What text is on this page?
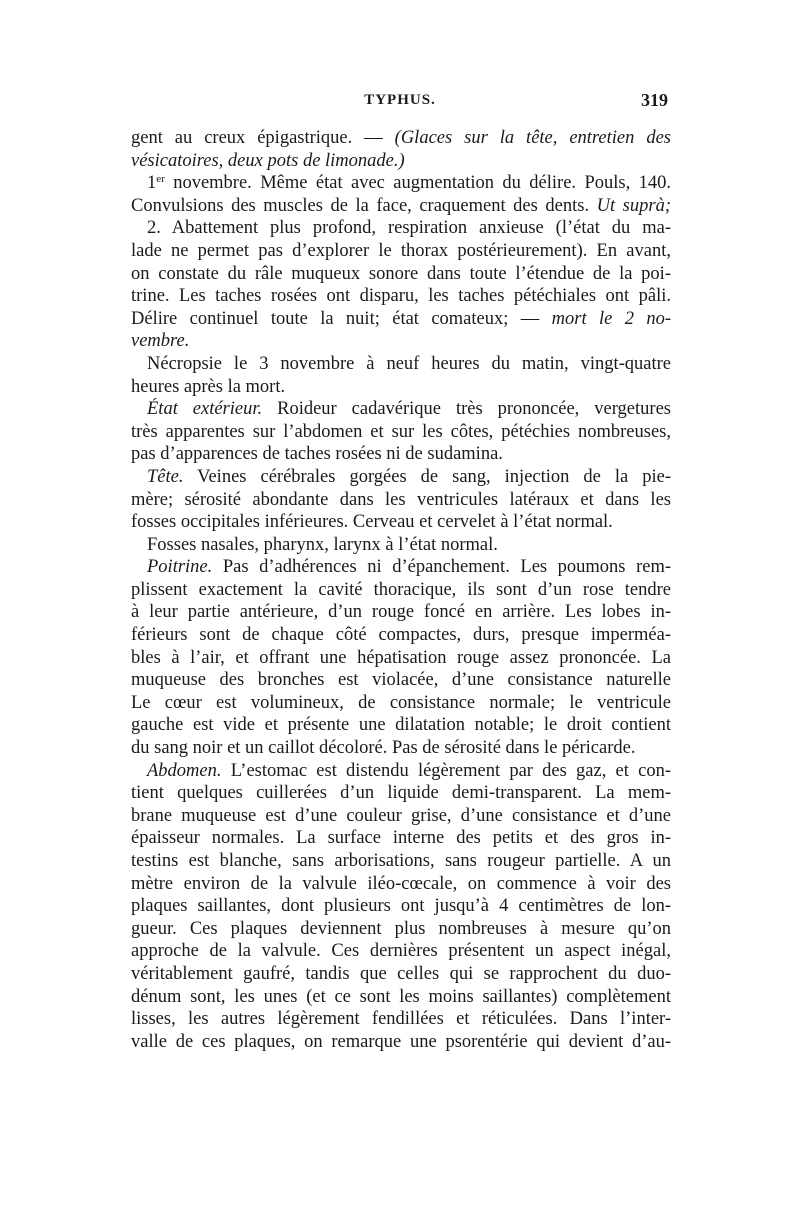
TYPHUS.	319
gent au creux épigastrique. — (Glaces sur la tête, entretien des
vésicatoires, deux pots de limonade.)
1er novembre. Même état avec augmentation du délire. Pouls, 140.
Convulsions des muscles de la face, craquement des dents. Ut suprà;
2. Abattement plus profond, respiration anxieuse (l’état du ma-
lade ne permet pas d’explorer le thorax postérieurement). En avant,
on constate du râle muqueux sonore dans toute l’étendue de la poi-
trine. Les taches rosées ont disparu, les taches pétéchiales ont pâli.
Délire continuel toute la nuit; état comateux; — mort le 2 no-
vembre.
Nécropsie le 3 novembre à neuf heures du matin, vingt-quatre
heures après la mort.
État extérieur. Roideur cadavérique très prononcée, vergetures
très apparentes sur l’abdomen et sur les côtes, pétéchies nombreuses,
pas d’apparences de taches rosées ni de sudamina.
Tête. Veines cérébrales gorgées de sang, injection de la pie-
mère; sérosité abondante dans les ventricules latéraux et dans les
fosses occipitales inférieures. Cerveau et cervelet à l’état normal.
Fosses nasales, pharynx, larynx à l’état normal.
Poitrine. Pas d’adhérences ni d’épanchement. Les poumons rem-
plissent exactement la cavité thoracique, ils sont d’un rose tendre
à leur partie antérieure, d’un rouge foncé en arrière. Les lobes in-
férieurs sont de chaque côté compactes, durs, presque imperméa-
bles à l’air, et offrant une hépatisation rouge assez prononcée. La
muqueuse des bronches est violacée, d’une consistance naturelle
Le cœur est volumineux, de consistance normale; le ventricule
gauche est vide et présente une dilatation notable; le droit contient
du sang noir et un caillot décoloré. Pas de sérosité dans le péricarde.
Abdomen. L’estomac est distendu légèrement par des gaz, et con-
tient quelques cuillerées d’un liquide demi-transparent. La mem-
brane muqueuse est d’une couleur grise, d’une consistance et d’une
épaisseur normales. La surface interne des petits et des gros in-
testins est blanche, sans arborisations, sans rougeur partielle. A un
mètre environ de la valvule iléo-cœcale, on commence à voir des
plaques saillantes, dont plusieurs ont jusqu’à 4 centimètres de lon-
gueur. Ces plaques deviennent plus nombreuses à mesure qu’on
approche de la valvule. Ces dernières présentent un aspect inégal,
véritablement gaufré, tandis que celles qui se rapprochent du duo-
dénum sont, les unes (et ce sont les moins saillantes) complètement
lisses, les autres légèrement fendillées et réticulées. Dans l’inter-
valle de ces plaques, on remarque une psorentérie qui devient d’au-
